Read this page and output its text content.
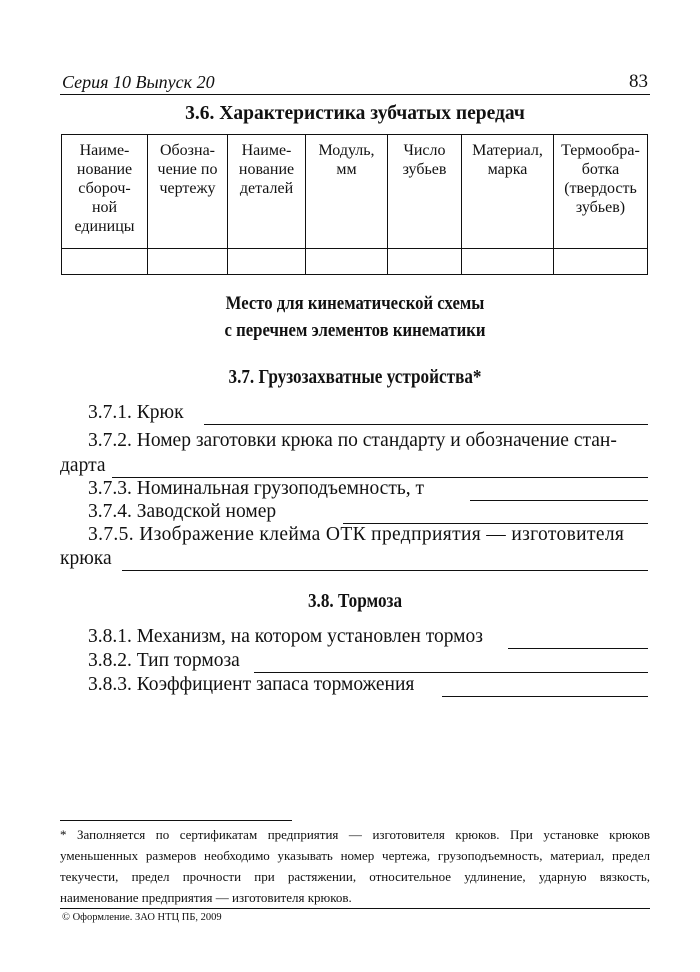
Серия 10 Выпуск 20	83
3.6. Характеристика зубчатых передач
Наиме-
нование
сбороч-
ной
единицы	Обозна-
чение по
чертежу	Наиме-
нование
деталей	Модуль,
мм	Число
зубьев	Материал,
марка	Термообра-
ботка
(твердость
зубьев)

Место для кинематической схемы
с перечнем элементов кинематики
3.7. Грузозахватные устройства*
3.7.1. Крюк
3.7.2. Номер заготовки крюка по стандарту и обозначение стан-
дарта
3.7.3. Номинальная грузоподъемность, т
3.7.4. Заводской номер
3.7.5. Изображение клейма ОТК предприятия — изготовителя
крюка
3.8. Тормоза
3.8.1. Механизм, на котором установлен тормоз
3.8.2. Тип тормоза
3.8.3. Коэффициент запаса торможения
* Заполняется по сертификатам предприятия — изготовителя крюков. При установке крюков уменьшенных размеров необходимо указывать номер чертежа, грузоподъемность, материал, предел текучести, предел прочности при растяжении, относительное удлинение, ударную вязкость, наименование предприятия — изготовителя крюков.
© Оформление. ЗАО НТЦ ПБ, 2009
